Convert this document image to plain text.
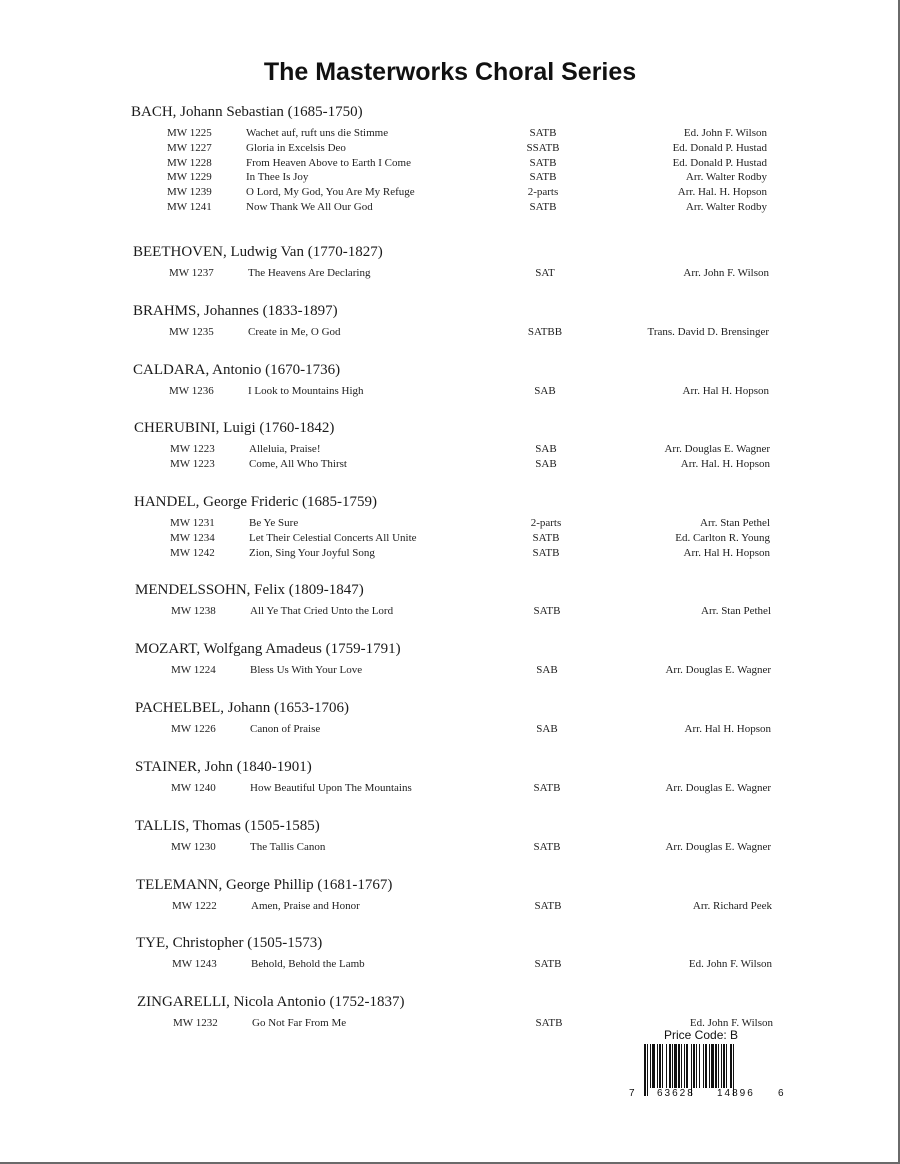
The Masterworks Choral Series
BACH, Johann Sebastian (1685-1750)
MW 1225	Wachet auf, ruft uns die Stimme	SATB	Ed. John F. Wilson
MW 1227	Gloria in Excelsis Deo	SSATB	Ed. Donald P. Hustad
MW 1228	From Heaven Above to Earth I Come	SATB	Ed. Donald P. Hustad
MW 1229	In Thee Is Joy	SATB	Arr. Walter Rodby
MW 1239	O Lord, My God, You Are My Refuge	2-parts	Arr. Hal. H. Hopson
MW 1241	Now Thank We All Our God	SATB	Arr. Walter Rodby
BEETHOVEN, Ludwig Van (1770-1827)
MW 1237	The Heavens Are Declaring	SAT	Arr. John F. Wilson
BRAHMS, Johannes (1833-1897)
MW 1235	Create in Me, O God	SATBB	Trans. David D. Brensinger
CALDARA, Antonio (1670-1736)
MW 1236	I Look to Mountains High	SAB	Arr. Hal H. Hopson
CHERUBINI, Luigi (1760-1842)
MW 1223	Alleluia, Praise!	SAB	Arr. Douglas E. Wagner
MW 1223	Come, All Who Thirst	SAB	Arr. Hal. H. Hopson
HANDEL, George Frideric (1685-1759)
MW 1231	Be Ye Sure	2-parts	Arr. Stan Pethel
MW 1234	Let Their Celestial Concerts All Unite	SATB	Ed. Carlton R. Young
MW 1242	Zion, Sing Your Joyful Song	SATB	Arr. Hal H. Hopson
MENDELSSOHN, Felix (1809-1847)
MW 1238	All Ye That Cried Unto the Lord	SATB	Arr. Stan Pethel
MOZART, Wolfgang Amadeus (1759-1791)
MW 1224	Bless Us With Your Love	SAB	Arr. Douglas E. Wagner
PACHELBEL, Johann (1653-1706)
MW 1226	Canon of Praise	SAB	Arr. Hal H. Hopson
STAINER, John (1840-1901)
MW 1240	How Beautiful Upon The Mountains	SATB	Arr. Douglas E. Wagner
TALLIS, Thomas (1505-1585)
MW 1230	The Tallis Canon	SATB	Arr. Douglas E. Wagner
TELEMANN, George Phillip (1681-1767)
MW 1222	Amen, Praise and Honor	SATB	Arr. Richard Peek
TYE, Christopher (1505-1573)
MW 1243	Behold, Behold the Lamb	SATB	Ed. John F. Wilson
ZINGARELLI, Nicola Antonio (1752-1837)
MW 1232	Go Not Far From Me	SATB	Ed. John F. Wilson
Price Code: B
7 63628 14896 6
